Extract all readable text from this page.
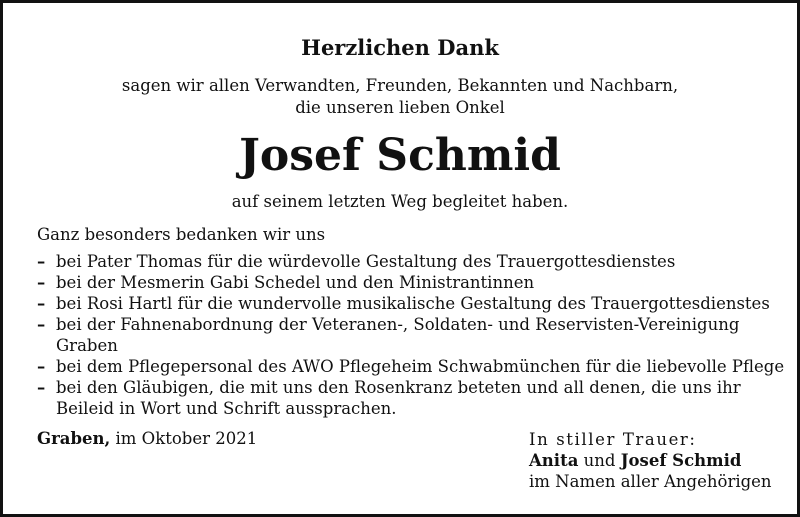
Herzlichen Dank
sagen wir allen Verwandten, Freunden, Bekannten und Nachbarn,
die unseren lieben Onkel
Josef Schmid
auf seinem letzten Weg begleitet haben.
Ganz besonders bedanken wir uns
– bei Pater Thomas für die würdevolle Gestaltung des Trauergottesdienstes
– bei der Mesmerin Gabi Schedel und den Ministrantinnen
– bei Rosi Hartl für die wundervolle musikalische Gestaltung des Trauergottesdienstes
– bei der Fahnenabordnung der Veteranen-, Soldaten- und Reservisten-Vereinigung
Graben
– bei dem Pflegepersonal des AWO Pflegeheim Schwabmünchen für die liebevolle Pflege
– bei den Gläubigen, die mit uns den Rosenkranz beteten und all denen, die uns ihr
Beileid in Wort und Schrift aussprachen.
Graben, im Oktober 2021	In stiller Trauer:
Anita und Josef Schmid
im Namen aller Angehörigen
